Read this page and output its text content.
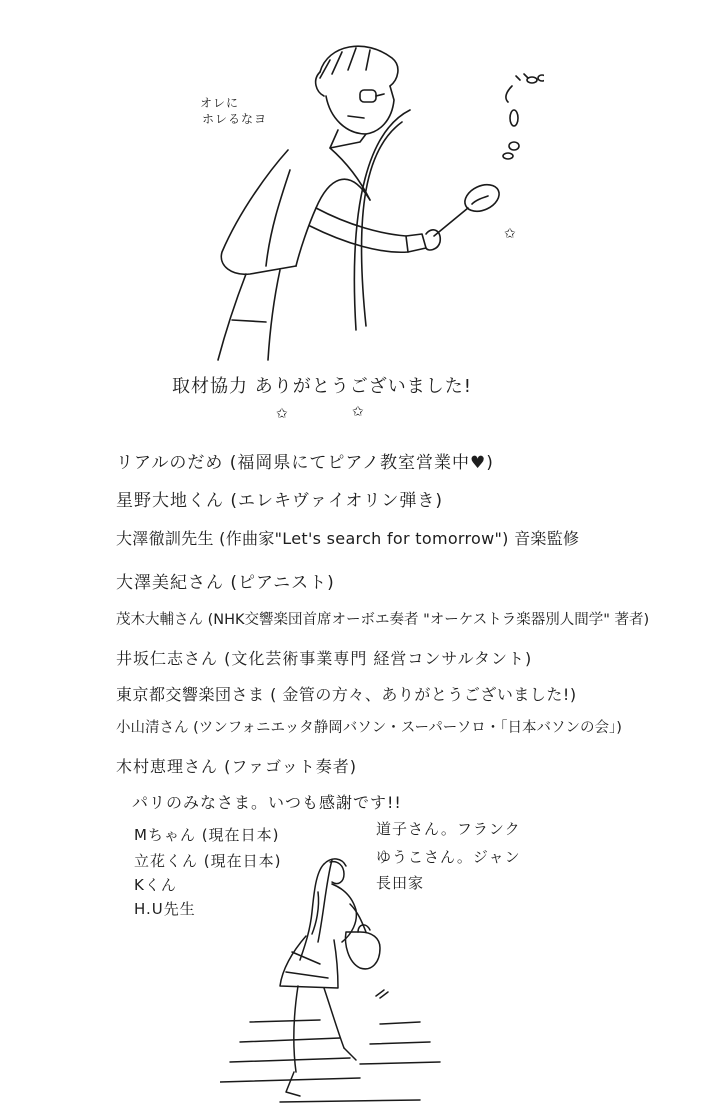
オレに
ホレるなヨ
✩
取材協力 ありがとうございました!
✩	✩
リアルのだめ (福岡県にてピアノ教室営業中♥)
星野大地くん (エレキヴァイオリン弾き)
大澤徹訓先生 (作曲家"Let's search for tomorrow") 音楽監修
大澤美紀さん (ピアニスト)
茂木大輔さん (NHK交響楽団首席オーボエ奏者 "オーケストラ楽器別人間学" 著者)
井坂仁志さん (文化芸術事業専門 経営コンサルタント)
東京都交響楽団さま ( 金管の方々、ありがとうございました!)
小山清さん (ツンフォニエッタ静岡バソン・スーパーソロ・「日本バソンの会」)
木村恵理さん (ファゴット奏者)
パリのみなさま。いつも感謝です!!
Mちゃん (現在日本)
立花くん (現在日本)
Kくん
H.U先生
道子さん。フランク
ゆうこさん。ジャン
長田家
